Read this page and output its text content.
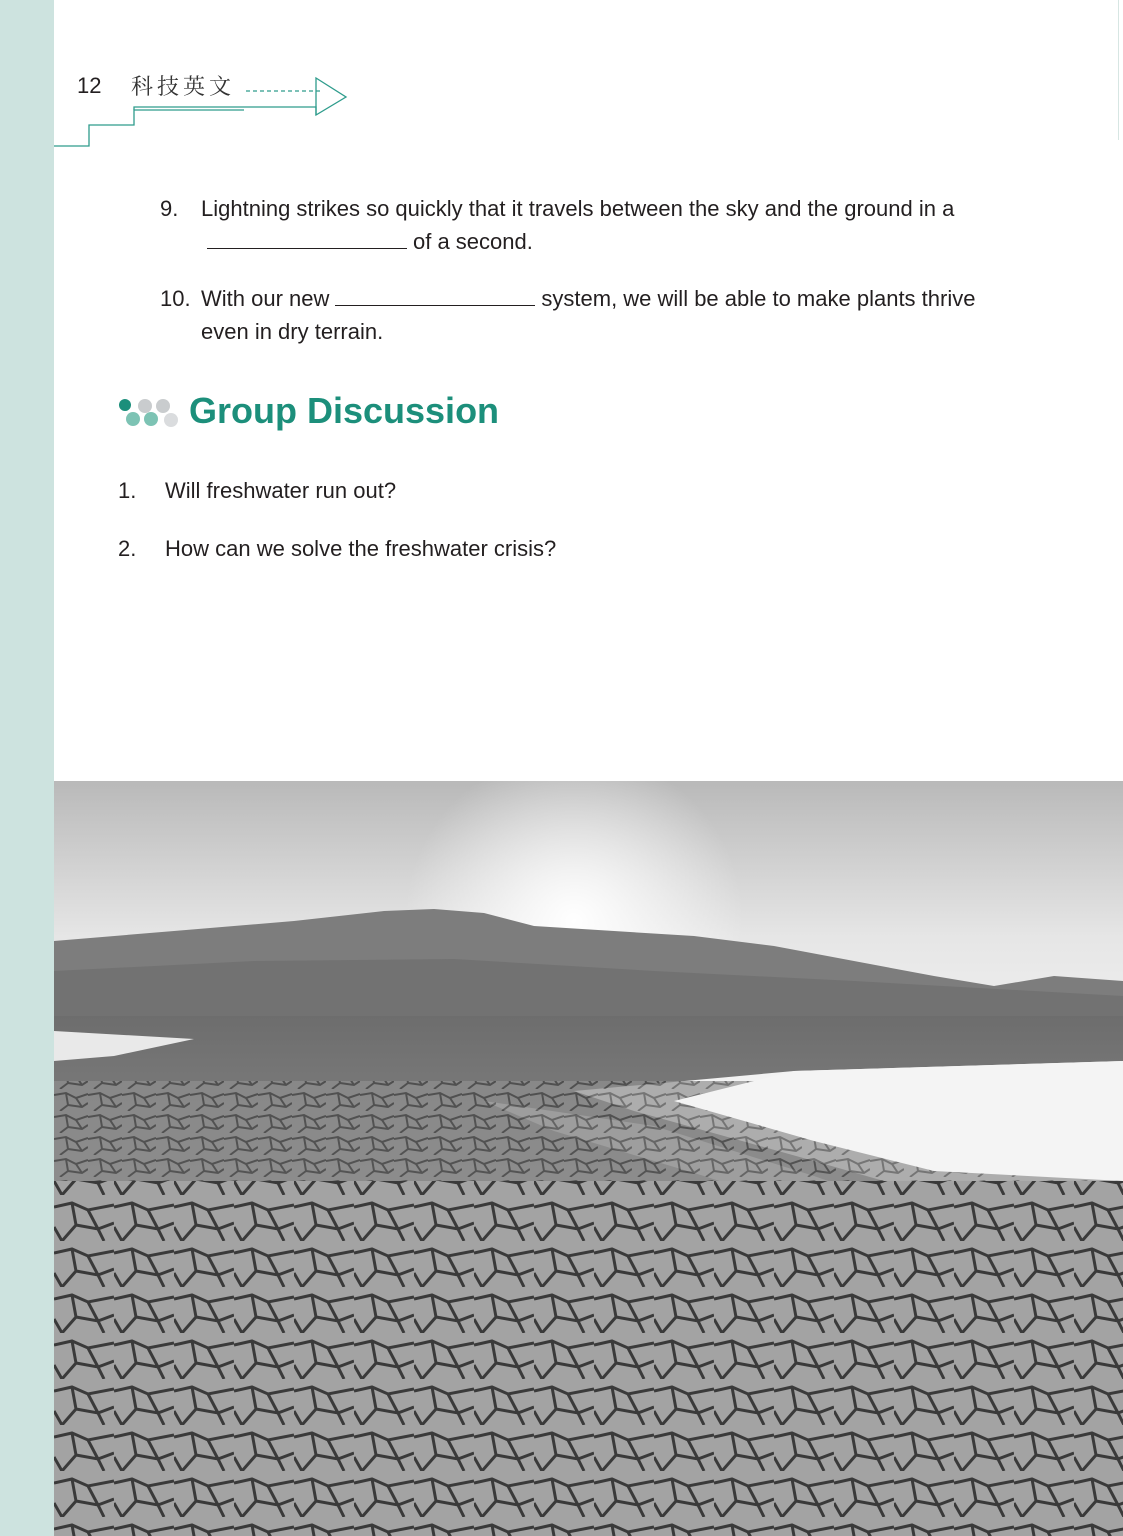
12 科技英文
9. Lightning strikes so quickly that it travels between the sky and the ground in aof a second.
10. With our new	system, we will be able to make plants thrive even in dry terrain.
Group Discussion
1. Will freshwater run out?
2. How can we solve the freshwater crisis?
